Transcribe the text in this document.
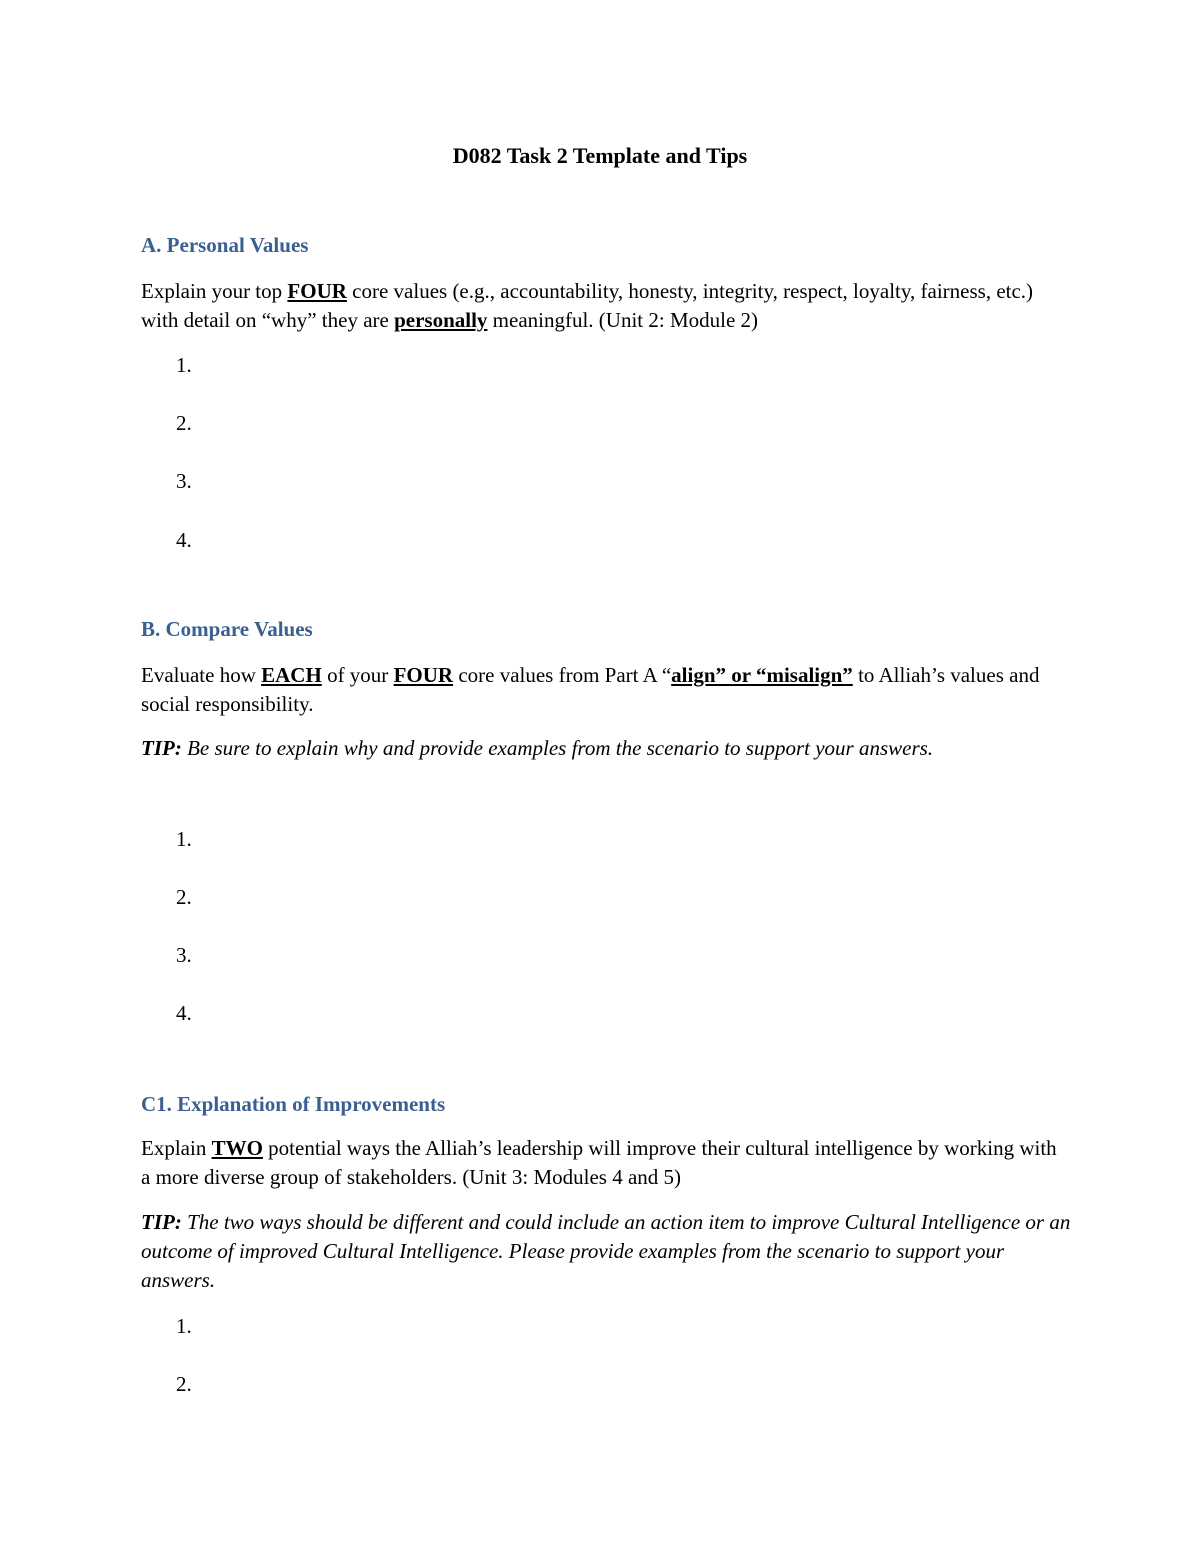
D082 Task 2 Template and Tips
A. Personal Values

Explain your top FOUR core values (e.g., accountability, honesty, integrity, respect, loyalty, fairness, etc.) with detail on “why” they are personally meaningful. (Unit 2: Module 2)

1.
2.
3.
4.
B. Compare Values

Evaluate how EACH of your FOUR core values from Part A “align” or “misalign” to Alliah’s values and social responsibility.

TIP: Be sure to explain why and provide examples from the scenario to support your answers.

1.
2.
3.
4.
C1. Explanation of Improvements

Explain TWO potential ways the Alliah’s leadership will improve their cultural intelligence by working with a more diverse group of stakeholders. (Unit 3: Modules 4 and 5)

TIP: The two ways should be different and could include an action item to improve Cultural Intelligence or an outcome of improved Cultural Intelligence. Please provide examples from the scenario to support your answers.

1.
2.
